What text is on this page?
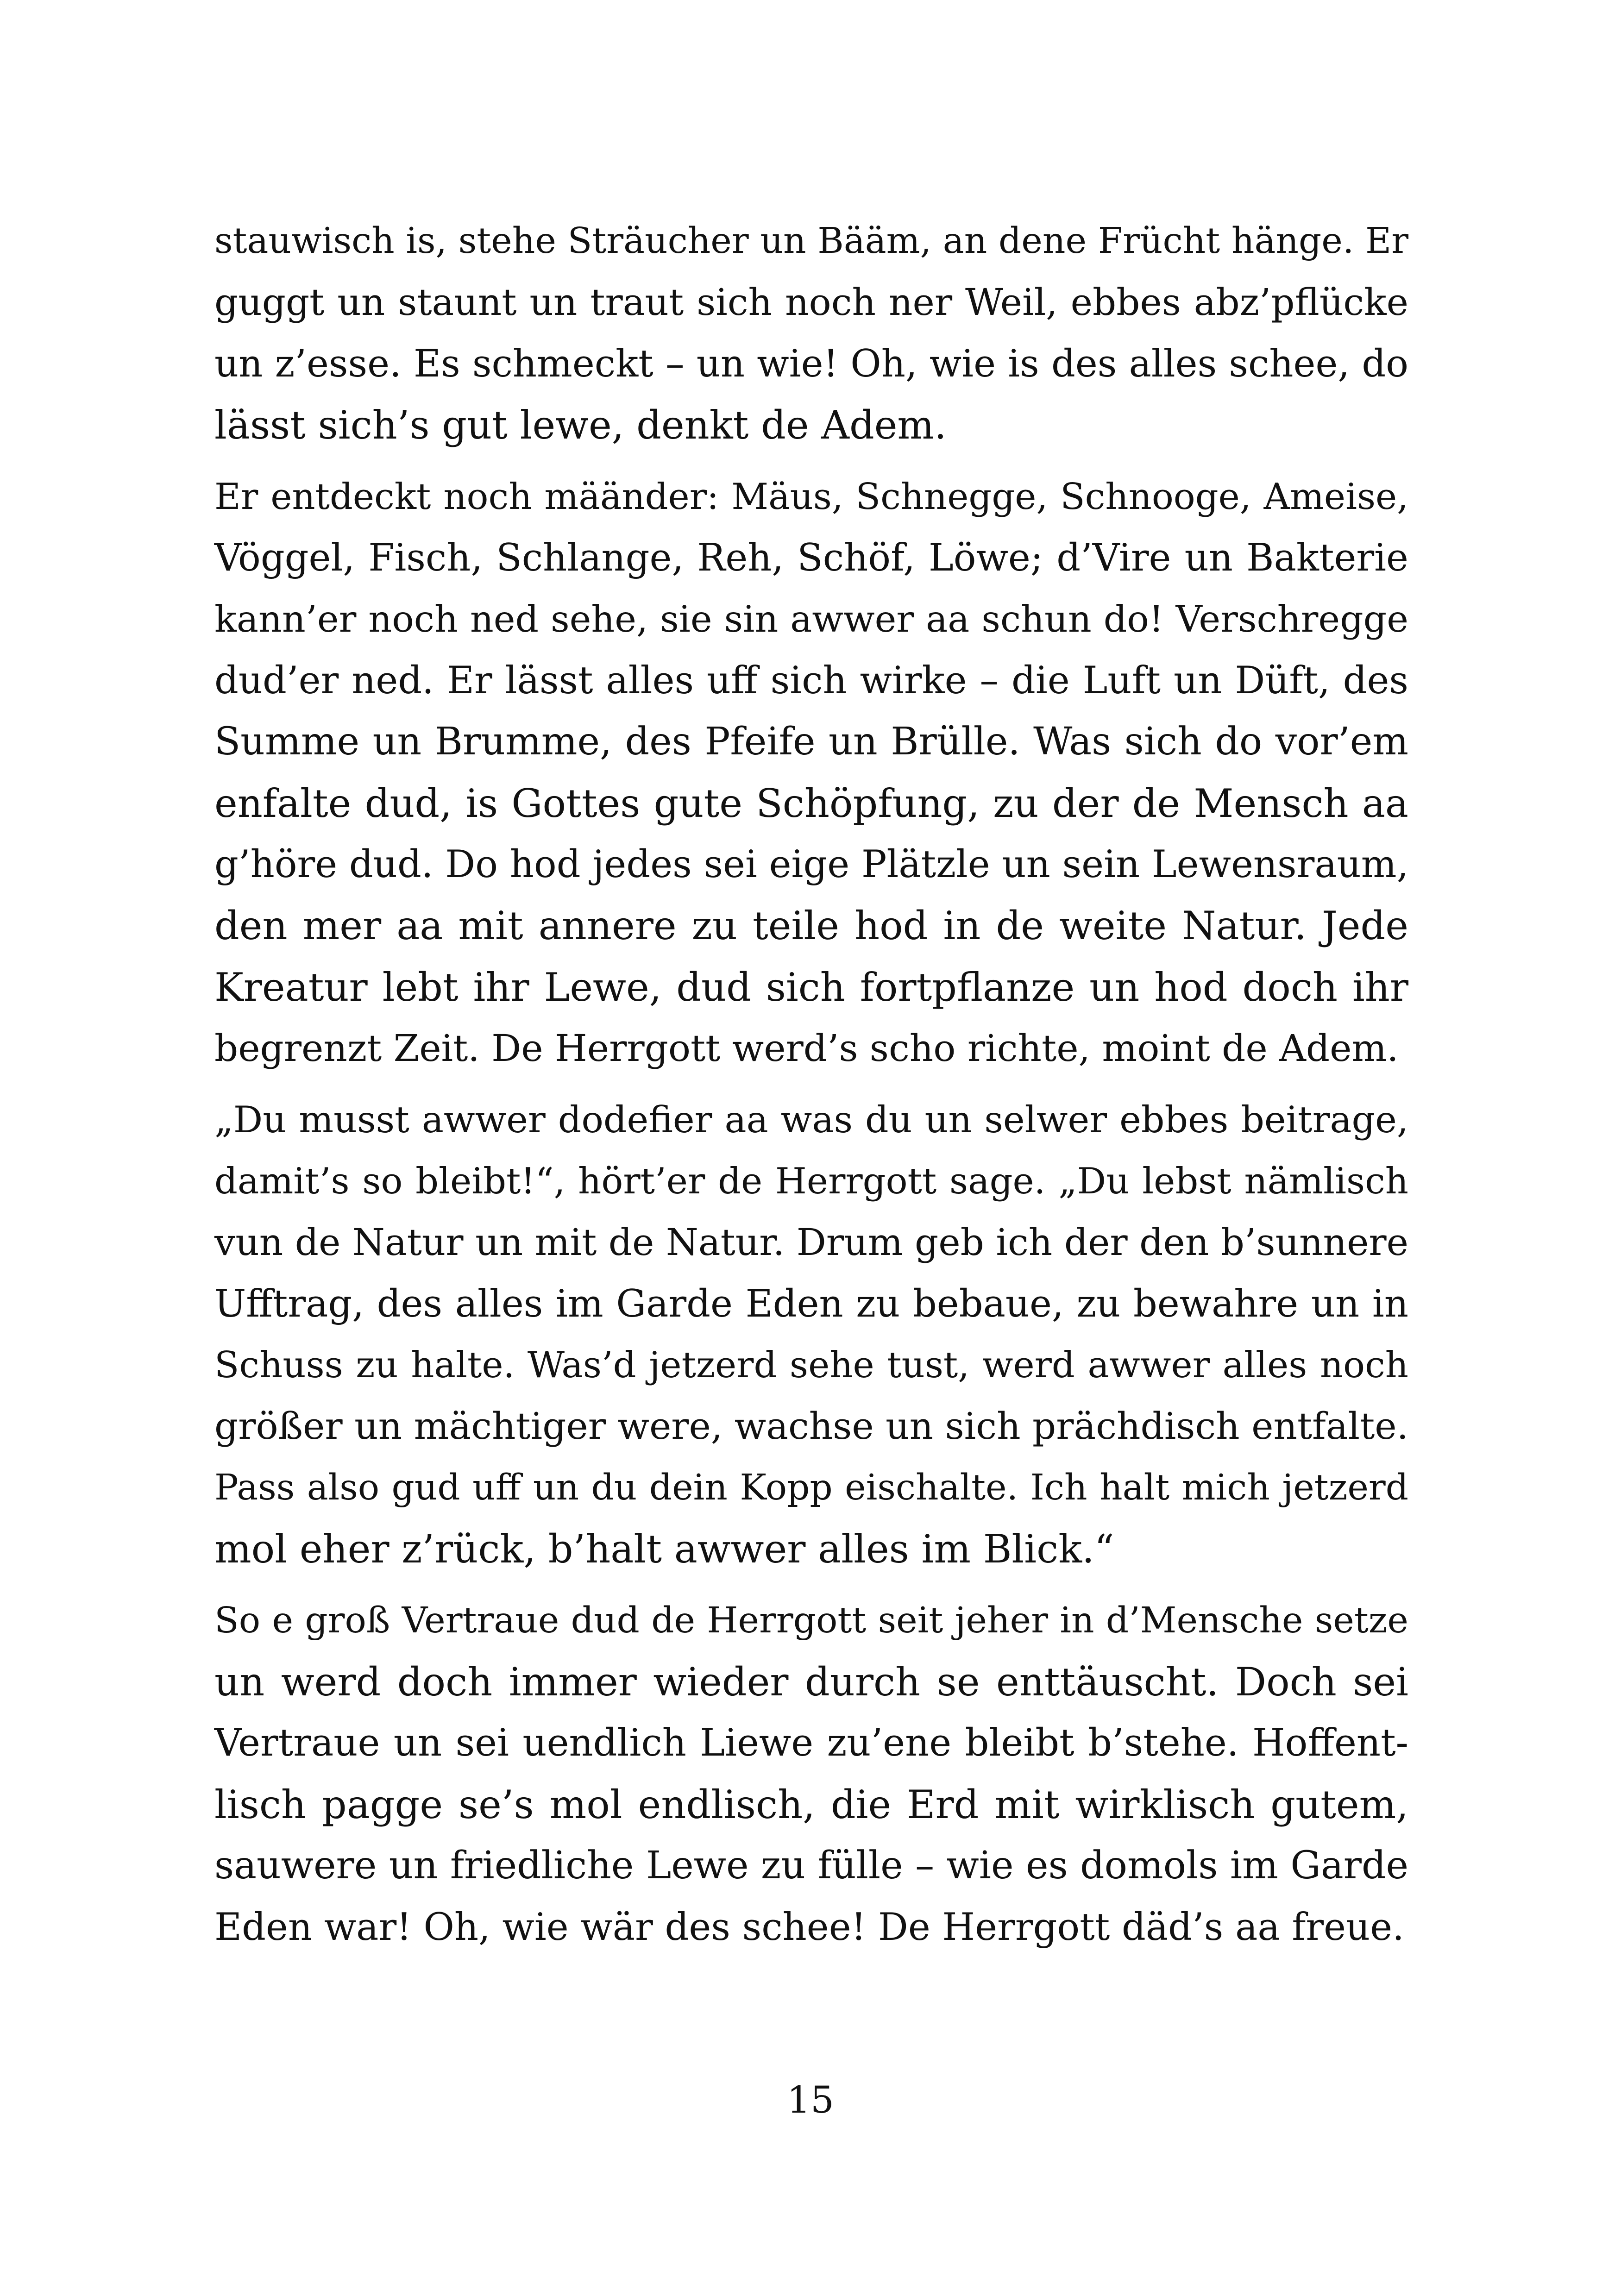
stauwisch is, stehe Sträucher un Bääm, an dene Frücht hänge. Er
guggt un staunt un traut sich noch ner Weil, ebbes abz’pflücke
un z’esse. Es schmeckt – un wie! Oh, wie is des alles schee, do
lässt sich’s gut lewe, denkt de Adem.
Er entdeckt noch määnder: Mäus, Schnegge, Schnooge, Ameise,
Vöggel, Fisch, Schlange, Reh, Schöf, Löwe; d’Vire un Bakterie
kann’er noch ned sehe, sie sin awwer aa schun do! Verschregge
dud’er ned. Er lässt alles uff sich wirke – die Luft un Düft, des
Summe un Brumme, des Pfeife un Brülle. Was sich do vor’em
enfalte dud, is Gottes gute Schöpfung, zu der de Mensch aa
g’höre dud. Do hod jedes sei eige Plätzle un sein Lewensraum,
den mer aa mit annere zu teile hod in de weite Natur. Jede
Kreatur lebt ihr Lewe, dud sich fortpflanze un hod doch ihr
begrenzt Zeit. De Herrgott werd’s scho richte, moint de Adem.
„Du musst awwer dodefier aa was du un selwer ebbes beitrage,
damit’s so bleibt!“, hört’er de Herrgott sage. „Du lebst nämlisch
vun de Natur un mit de Natur. Drum geb ich der den b’sunnere
Ufftrag, des alles im Garde Eden zu bebaue, zu bewahre un in
Schuss zu halte. Was’d jetzerd sehe tust, werd awwer alles noch
größer un mächtiger were, wachse un sich prächdisch entfalte.
Pass also gud uff un du dein Kopp eischalte. Ich halt mich jetzerd
mol eher z’rück, b’halt awwer alles im Blick.“
So e groß Vertraue dud de Herrgott seit jeher in d’Mensche setze
un werd doch immer wieder durch se enttäuscht. Doch sei
Vertraue un sei uendlich Liewe zu’ene bleibt b’stehe. Hoffent-
lisch pagge se’s mol endlisch, die Erd mit wirklisch gutem,
sauwere un friedliche Lewe zu fülle – wie es domols im Garde
Eden war! Oh, wie wär des schee! De Herrgott däd’s aa freue.
15
